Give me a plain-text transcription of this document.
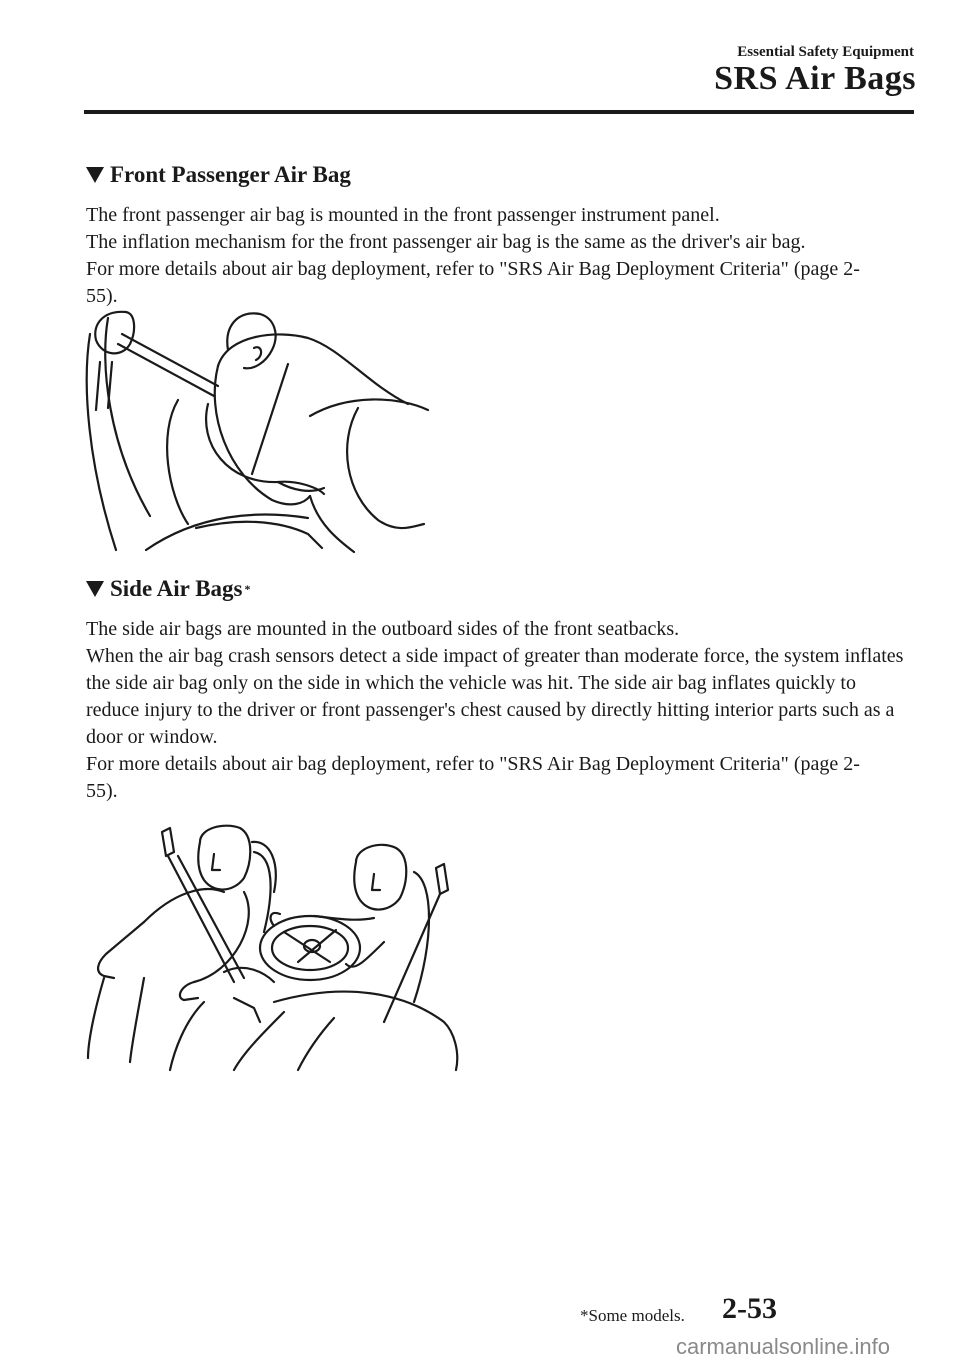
Essential Safety Equipment
SRS Air Bags
Front Passenger Air Bag

The front passenger air bag is mounted in the front passenger instrument panel.

The inflation mechanism for the front passenger air bag is the same as the driver's air bag.

For more details about air bag deployment, refer to "SRS Air Bag Deployment Criteria" (page 2-55).

Side Air Bags *

The side air bags are mounted in the outboard sides of the front seatbacks.

When the air bag crash sensors detect a side impact of greater than moderate force, the system inflates the side air bag only on the side in which the vehicle was hit. The side air bag inflates quickly to reduce injury to the driver or front passenger's chest caused by directly hitting interior parts such as a door or window.

For more details about air bag deployment, refer to "SRS Air Bag Deployment Criteria" (page 2-55).

*Some models. 2-53
carmanualsonline.info
